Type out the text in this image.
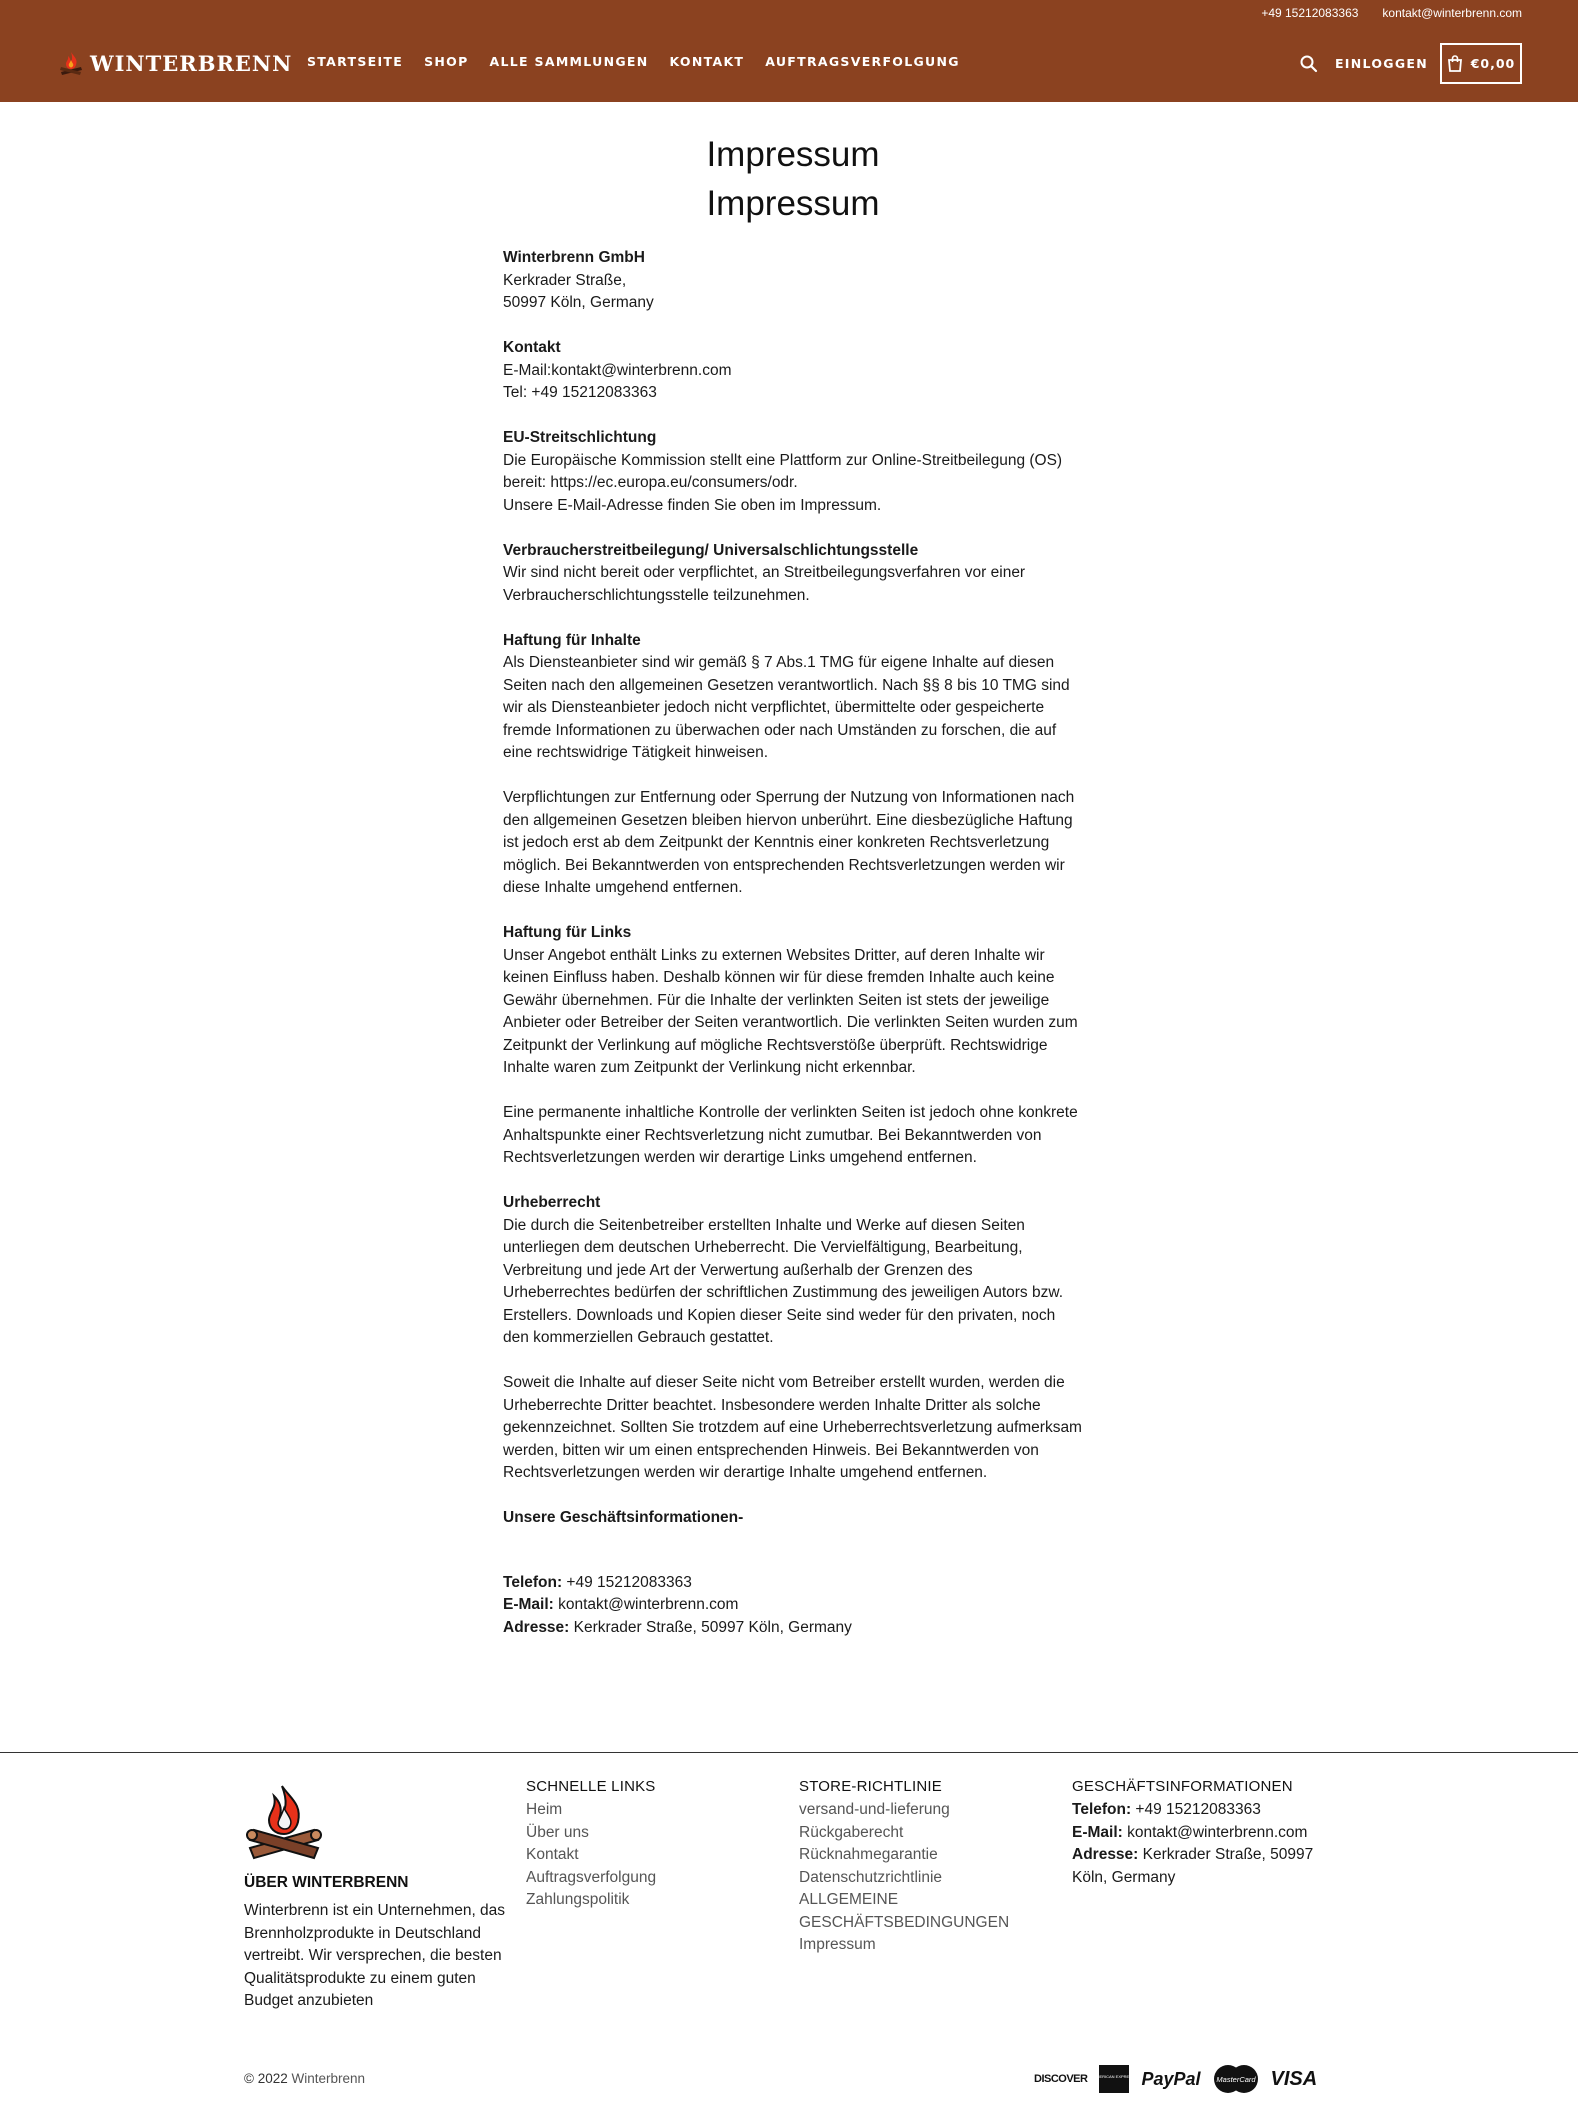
+49 15212083363 kontakt@winterbrenn.com
WINTERBRENN STARTSEITE SHOP ALLE SAMMLUNGEN KONTAKT AUFTRAGSVERFOLGUNG	EINLOGGEN	€0,00
Impressum
Impressum
Winterbrenn GmbH

Kerkrader Straße,

50997 Köln, Germany

Kontakt

E-Mail:kontakt@winterbrenn.com

Tel: +49 15212083363

EU-Streitschlichtung

Die Europäische Kommission stellt eine Plattform zur Online-Streitbeilegung (OS) bereit: https://ec.europa.eu/consumers/odr.

Unsere E-Mail-Adresse finden Sie oben im Impressum.

Verbraucherstreitbeilegung/ Universalschlichtungsstelle

Wir sind nicht bereit oder verpflichtet, an Streitbeilegungsverfahren vor einer Verbraucherschlichtungsstelle teilzunehmen.

Haftung für Inhalte

Als Diensteanbieter sind wir gemäß § 7 Abs.1 TMG für eigene Inhalte auf diesen Seiten nach den allgemeinen Gesetzen verantwortlich. Nach §§ 8 bis 10 TMG sind wir als Diensteanbieter jedoch nicht verpflichtet, übermittelte oder gespeicherte fremde Informationen zu überwachen oder nach Umständen zu forschen, die auf eine rechtswidrige Tätigkeit hinweisen.

Verpflichtungen zur Entfernung oder Sperrung der Nutzung von Informationen nach den allgemeinen Gesetzen bleiben hiervon unberührt. Eine diesbezügliche Haftung ist jedoch erst ab dem Zeitpunkt der Kenntnis einer konkreten Rechtsverletzung möglich. Bei Bekanntwerden von entsprechenden Rechtsverletzungen werden wir diese Inhalte umgehend entfernen.

Haftung für Links

Unser Angebot enthält Links zu externen Websites Dritter, auf deren Inhalte wir keinen Einfluss haben. Deshalb können wir für diese fremden Inhalte auch keine Gewähr übernehmen. Für die Inhalte der verlinkten Seiten ist stets der jeweilige Anbieter oder Betreiber der Seiten verantwortlich. Die verlinkten Seiten wurden zum Zeitpunkt der Verlinkung auf mögliche Rechtsverstöße überprüft. Rechtswidrige Inhalte waren zum Zeitpunkt der Verlinkung nicht erkennbar.

Eine permanente inhaltliche Kontrolle der verlinkten Seiten ist jedoch ohne konkrete Anhaltspunkte einer Rechtsverletzung nicht zumutbar. Bei Bekanntwerden von Rechtsverletzungen werden wir derartige Links umgehend entfernen.

Urheberrecht

Die durch die Seitenbetreiber erstellten Inhalte und Werke auf diesen Seiten unterliegen dem deutschen Urheberrecht. Die Vervielfältigung, Bearbeitung, Verbreitung und jede Art der Verwertung außerhalb der Grenzen des Urheberrechtes bedürfen der schriftlichen Zustimmung des jeweiligen Autors bzw. Erstellers. Downloads und Kopien dieser Seite sind weder für den privaten, noch den kommerziellen Gebrauch gestattet.

Soweit die Inhalte auf dieser Seite nicht vom Betreiber erstellt wurden, werden die Urheberrechte Dritter beachtet. Insbesondere werden Inhalte Dritter als solche gekennzeichnet. Sollten Sie trotzdem auf eine Urheberrechtsverletzung aufmerksam werden, bitten wir um einen entsprechenden Hinweis. Bei Bekanntwerden von Rechtsverletzungen werden wir derartige Inhalte umgehend entfernen.

Unsere Geschäftsinformationen-

Telefon: +49 15212083363

E-Mail: kontakt@winterbrenn.com

Adresse: Kerkrader Straße, 50997 Köln, Germany

ÜBER WINTERBRENN
Winterbrenn ist ein Unternehmen, das Brennholzprodukte in Deutschland vertreibt. Wir versprechen, die besten Qualitätsprodukte zu einem guten Budget anzubieten
SCHNELLE LINKS
Heim
Über uns
Kontakt
Auftragsverfolgung
Zahlungspolitik
STORE-RICHTLINIE
versand-und-lieferung
Rückgaberecht
Rücknahmegarantie
Datenschutzrichtlinie
ALLGEMEINE GESCHÄFTSBEDINGUNGEN
Impressum
GESCHÄFTSINFORMATIONEN

Telefon: +49 15212083363

E-Mail: kontakt@winterbrenn.com

Adresse: Kerkrader Straße, 50997 Köln, Germany

© 2022 Winterbrenn	DISCOVER AMERICAN EXPRESS PayPal MasterCard VISA
